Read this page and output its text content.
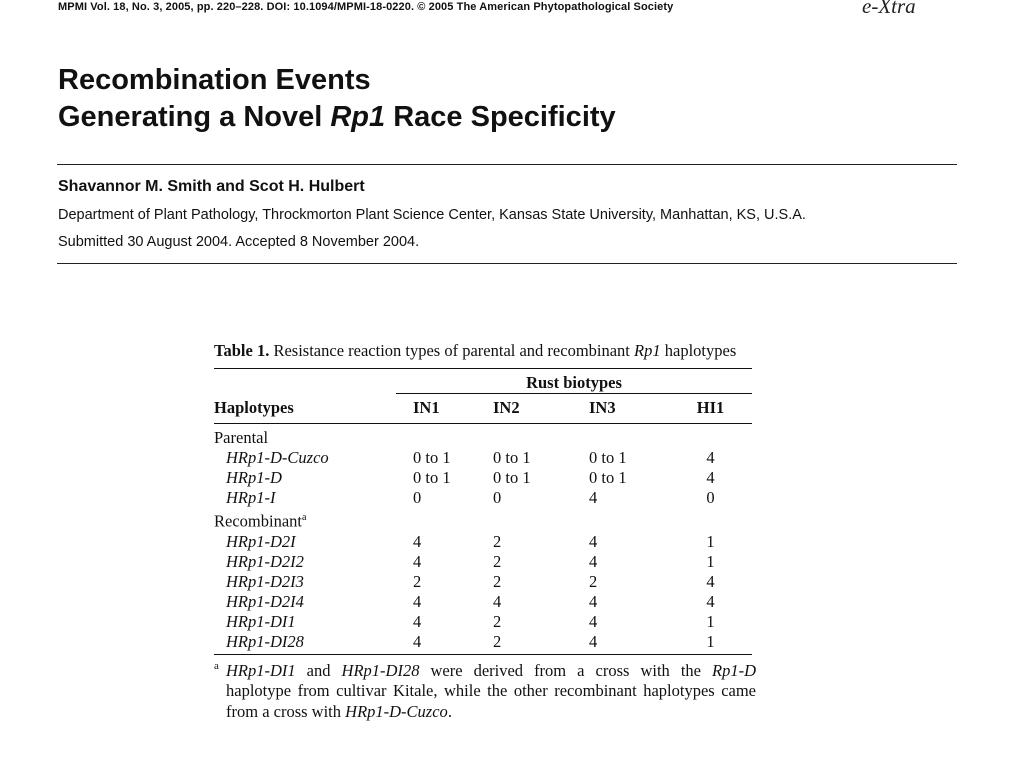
MPMI Vol. 18, No. 3, 2005, pp. 220–228. DOI: 10.1094/MPMI-18-0220. © 2005 The American Phytopathological Society	e-Xtra
Recombination Events
Generating a Novel Rp1 Race Specificity
Shavannor M. Smith and Scot H. Hulbert
Department of Plant Pathology, Throckmorton Plant Science Center, Kansas State University, Manhattan, KS, U.S.A.
Submitted 30 August 2004. Accepted 8 November 2004.
Table 1. Resistance reaction types of parental and recombinant Rp1 haplotypes

	Rust biotypes			
Haplotypes	IN1	IN2	IN3	HI1
Parental				
HRp1-D-Cuzco	0 to 1	0 to 1	0 to 1	4
HRp1-D	0 to 1	0 to 1	0 to 1	4
HRp1-I	0	0	4	0
Recombinant$^a$				
HRp1-D2I	4	2	4	1
HRp1-D2I2	4	2	4	1
HRp1-D2I3	2	2	2	4
HRp1-D2I4	4	4	4	4
HRp1-DI1	4	2	4	1
HRp1-DI28	4	2	4	1
a HRp1-DI1 and HRp1-DI28 were derived from a cross with the Rp1-D haplotype from cultivar Kitale, while the other recombinant haplotypes came from a cross with HRp1-D-Cuzco.
